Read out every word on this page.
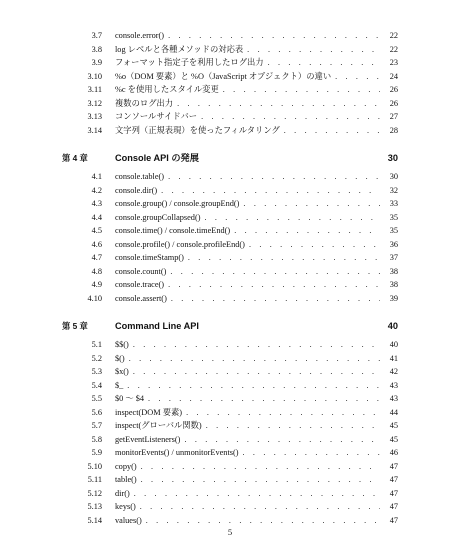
3.7 console.error() . . .	22
3.8 log レベルと各種メソッドの対応表 . . .	22
3.9 フォーマット指定子を利用したログ出力 . . .	23
3.10 %o（DOM 要素）と %O（JavaScript オブジェクト）の違い . . .	24
3.11 %c を使用したスタイル変更 . . .	26
3.12 複数のログ出力 . . .	26
3.13 コンソールサイドバー . . .	27
3.14 文字列（正規表現）を使ったフィルタリング . . .	28
第 4 章	Console API の発展	30
4.1 console.table() . . .	30
4.2 console.dir() . . .	32
4.3 console.group() / console.groupEnd() . . .	33
4.4 console.groupCollapsed() . . .	35
4.5 console.time() / console.timeEnd() . . .	35
4.6 console.profile() / console.profileEnd() . . .	36
4.7 console.timeStamp() . . .	37
4.8 console.count() . . .	38
4.9 console.trace() . . .	38
4.10 console.assert() . . .	39
第 5 章	Command Line API	40
5.1 $$() . . .	40
5.2 $() . . .	41
5.3 $x() . . .	42
5.4 $_ . . .	43
5.5 $0 〜 $4 . . .	43
5.6 inspect(DOM 要素) . . .	44
5.7 inspect(グローバル関数) . . .	45
5.8 getEventListeners() . . .	45
5.9 monitorEvents() / unmonitorEvents() . . .	46
5.10 copy() . . .	47
5.11 table() . . .	47
5.12 dir() . . .	47
5.13 keys() . . .	47
5.14 values() . . .	47
5
